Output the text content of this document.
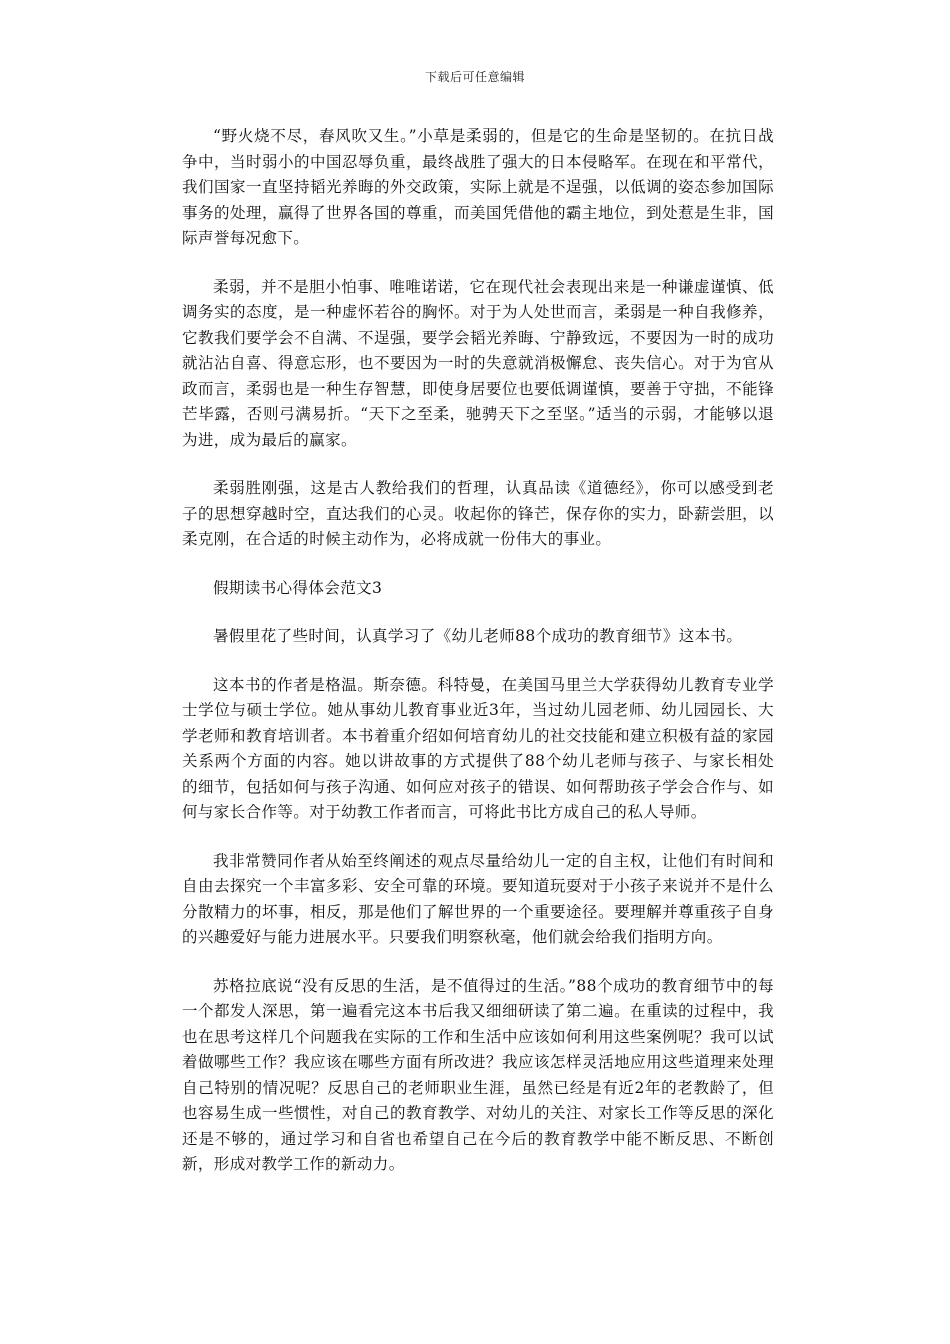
下载后可任意编辑

“野火烧不尽，春风吹又生。”小草是柔弱的，但是它的生命是坚韧的。在抗日战争中，当时弱小的中国忍辱负重，最终战胜了强大的日本侵略军。在现在和平常代，我们国家一直坚持韬光养晦的外交政策，实际上就是不逞强，以低调的姿态参加国际事务的处理，赢得了世界各国的尊重，而美国凭借他的霸主地位，到处惹是生非，国际声誉每况愈下。

柔弱，并不是胆小怕事、唯唯诺诺，它在现代社会表现出来是一种谦虚谨慎、低调务实的态度，是一种虚怀若谷的胸怀。对于为人处世而言，柔弱是一种自我修养，它教我们要学会不自满、不逞强，要学会韬光养晦、宁静致远，不要因为一时的成功就沾沾自喜、得意忘形，也不要因为一时的失意就消极懈怠、丧失信心。对于为官从政而言，柔弱也是一种生存智慧，即使身居要位也要低调谨慎，要善于守拙，不能锋芒毕露，否则弓满易折。“天下之至柔，驰骋天下之至坚。”适当的示弱，才能够以退为进，成为最后的赢家。

柔弱胜刚强，这是古人教给我们的哲理，认真品读《道德经》，你可以感受到老子的思想穿越时空，直达我们的心灵。收起你的锋芒，保存你的实力，卧薪尝胆，以柔克刚，在合适的时候主动作为，必将成就一份伟大的事业。

假期读书心得体会范文3

暑假里花了些时间，认真学习了《幼儿老师88个成功的教育细节》这本书。

这本书的作者是格温。斯奈德。科特曼，在美国马里兰大学获得幼儿教育专业学士学位与硕士学位。她从事幼儿教育事业近3年，当过幼儿园老师、幼儿园园长、大学老师和教育培训者。本书着重介绍如何培育幼儿的社交技能和建立积极有益的家园关系两个方面的内容。她以讲故事的方式提供了88个幼儿老师与孩子、与家长相处的细节，包括如何与孩子沟通、如何应对孩子的错误、如何帮助孩子学会合作与、如何与家长合作等。对于幼教工作者而言，可将此书比方成自己的私人导师。

我非常赞同作者从始至终阐述的观点尽量给幼儿一定的自主权，让他们有时间和自由去探究一个丰富多彩、安全可靠的环境。要知道玩耍对于小孩子来说并不是什么分散精力的坏事，相反，那是他们了解世界的一个重要途径。要理解并尊重孩子自身的兴趣爱好与能力进展水平。只要我们明察秋毫，他们就会给我们指明方向。

苏格拉底说“没有反思的生活，是不值得过的生活。”88个成功的教育细节中的每一个都发人深思，第一遍看完这本书后我又细细研读了第二遍。在重读的过程中，我也在思考这样几个问题我在实际的工作和生活中应该如何利用这些案例呢？我可以试着做哪些工作？我应该在哪些方面有所改进？我应该怎样灵活地应用这些道理来处理自己特别的情况呢？反思自己的老师职业生涯，虽然已经是有近2年的老教龄了，但也容易生成一些惯性，对自己的教育教学、对幼儿的关注、对家长工作等反思的深化还是不够的，通过学习和自省也希望自己在今后的教育教学中能不断反思、不断创新，形成对教学工作的新动力。
